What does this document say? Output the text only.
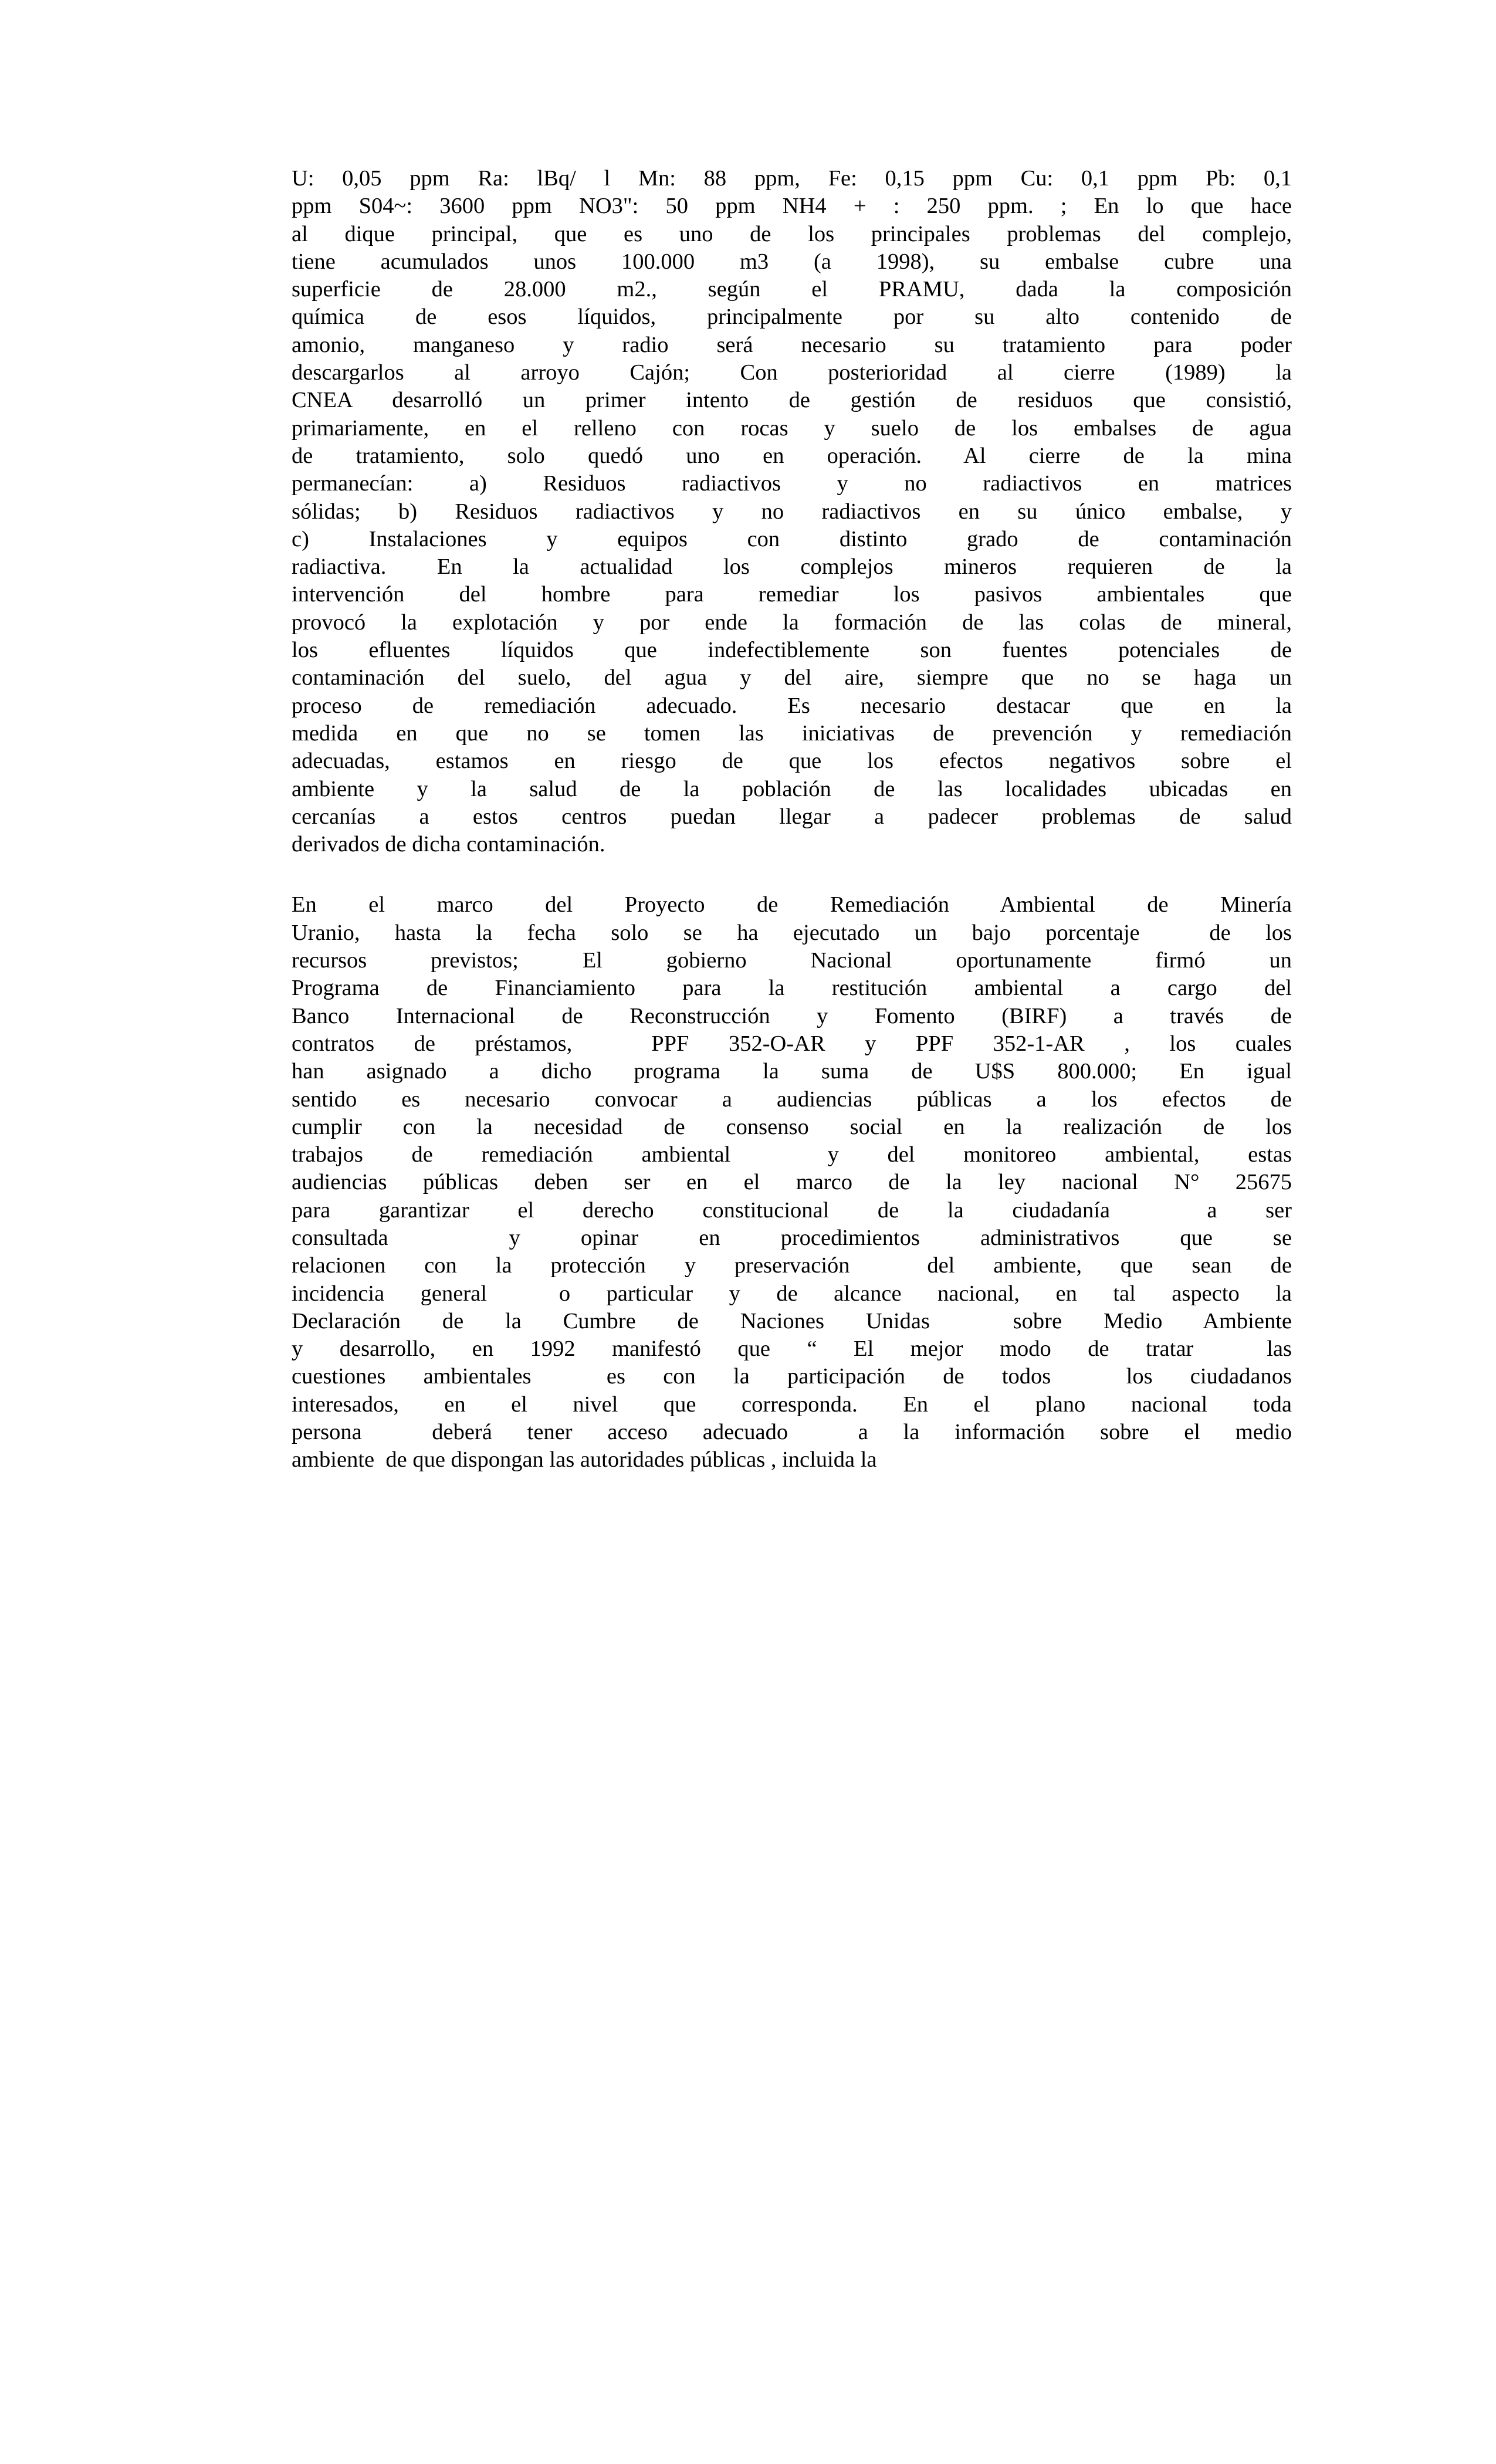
U: 0,05 ppm Ra: lBq/ l Mn: 88 ppm, Fe: 0,15 ppm Cu: 0,1 ppm Pb: 0,1
ppm S04~: 3600 ppm NO3": 50 ppm NH4 + : 250 ppm. ; En lo que hace
al dique principal, que es uno de los principales problemas del complejo,
tiene acumulados unos 100.000 m3 (a 1998), su embalse cubre una
superficie de 28.000 m2., según el PRAMU, dada la composición
química de esos líquidos, principalmente por su alto contenido de
amonio, manganeso y radio será necesario su tratamiento para poder
descargarlos al arroyo Cajón; Con posterioridad al cierre (1989) la
CNEA desarrolló un primer intento de gestión de residuos que consistió,
primariamente, en el relleno con rocas y suelo de los embalses de agua
de tratamiento, solo quedó uno en operación. Al cierre de la mina
permanecían: a) Residuos radiactivos y no radiactivos en matrices
sólidas; b) Residuos radiactivos y no radiactivos en su único embalse, y
c) Instalaciones y equipos con distinto grado de contaminación
radiactiva. En la actualidad los complejos mineros requieren de la
intervención del hombre para remediar los pasivos ambientales que
provocó la explotación y por ende la formación de las colas de mineral,
los efluentes líquidos que indefectiblemente son fuentes potenciales de
contaminación del suelo, del agua y del aire, siempre que no se haga un
proceso de remediación adecuado. Es necesario destacar que en la
medida en que no se tomen las iniciativas de prevención y remediación
adecuadas, estamos en riesgo de que los efectos negativos sobre el
ambiente y la salud de la población de las localidades ubicadas en
cercanías a estos centros puedan llegar a padecer problemas de salud
derivados de dicha contaminación.
En el marco del Proyecto de Remediación Ambiental de Minería
Uranio, hasta la fecha solo se ha ejecutado un bajo porcentaje  de los
recursos previstos; El gobierno Nacional oportunamente firmó un
Programa de Financiamiento para la restitución ambiental a cargo del
Banco Internacional de Reconstrucción y Fomento (BIRF) a través de
contratos de préstamos,  PPF 352-O-AR y PPF 352-1-AR , los cuales
han asignado a dicho programa la suma de U$S 800.000; En igual
sentido es necesario convocar a audiencias públicas a los efectos de
cumplir con la necesidad de consenso social en la realización de los
trabajos de remediación ambiental  y del monitoreo ambiental, estas
audiencias públicas deben ser en el marco de la ley nacional N° 25675
para garantizar el derecho constitucional de la ciudadanía  a ser
consultada  y opinar en procedimientos administrativos que se
relacionen con la protección y preservación  del ambiente, que sean de
incidencia general  o particular y de alcance nacional, en tal aspecto la
Declaración de la Cumbre de Naciones Unidas  sobre Medio Ambiente
y desarrollo, en 1992 manifestó que “ El mejor modo de tratar  las
cuestiones ambientales  es con la participación de todos  los ciudadanos
interesados, en el nivel que corresponda. En el plano nacional toda
persona  deberá tener acceso adecuado  a la información sobre el medio
ambiente  de que dispongan las autoridades públicas , incluida la
